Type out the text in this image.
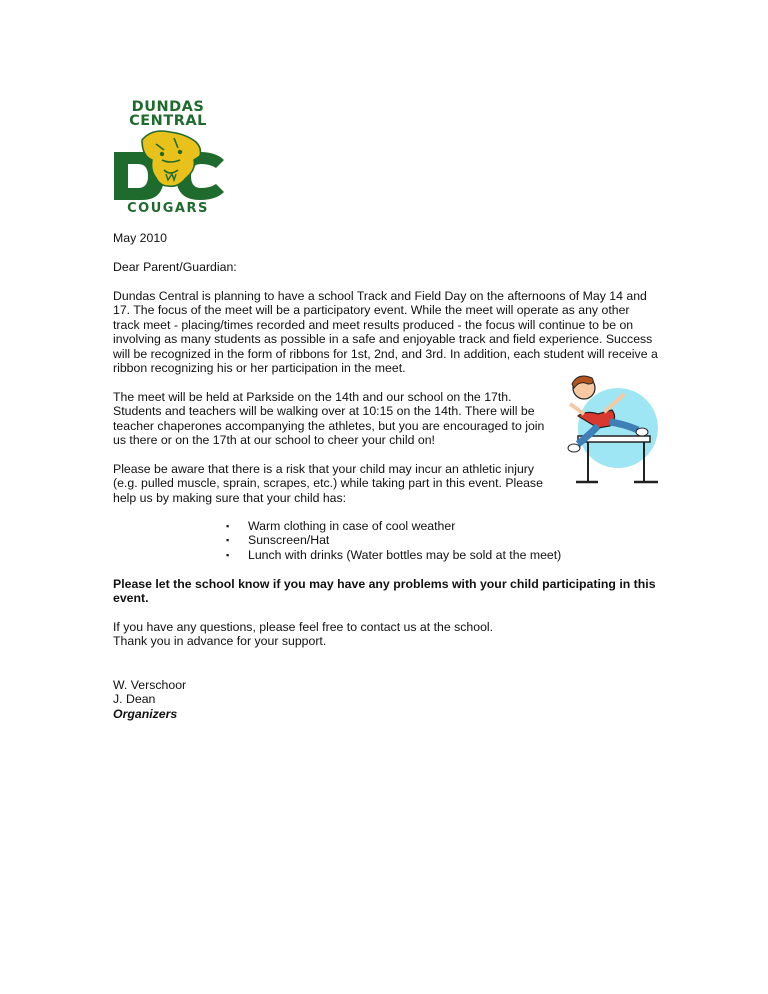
DUNDAS
CENTRAL
COUGARS

May 2010

Dear Parent/Guardian:

Dundas Central is planning to have a school Track and Field Day on the afternoons of May 14 and 17. The focus of the meet will be a participatory event. While the meet will operate as any other track meet - placing/times recorded and meet results produced - the focus will continue to be on involving as many students as possible in a safe and enjoyable track and field experience. Success will be recognized in the form of ribbons for 1st, 2nd, and 3rd. In addition, each student will receive a ribbon recognizing his or her participation in the meet.

The meet will be held at Parkside on the 14th and our school on the 17th. Students and teachers will be walking over at 10:15 on the 14th. There will be teacher chaperones accompanying the athletes, but you are encouraged to join us there or on the 17th at our school to cheer your child on!

Please be aware that there is a risk that your child may incur an athletic injury (e.g. pulled muscle, sprain, scrapes, etc.) while taking part in this event. Please help us by making sure that your child has:

▪ Warm clothing in case of cool weather
▪ Sunscreen/Hat
▪ Lunch with drinks (Water bottles may be sold at the meet)

Please let the school know if you may have any problems with your child participating in this event.

If you have any questions, please feel free to contact us at the school.
Thank you in advance for your support.

W. Verschoor

J. Dean

Organizers
